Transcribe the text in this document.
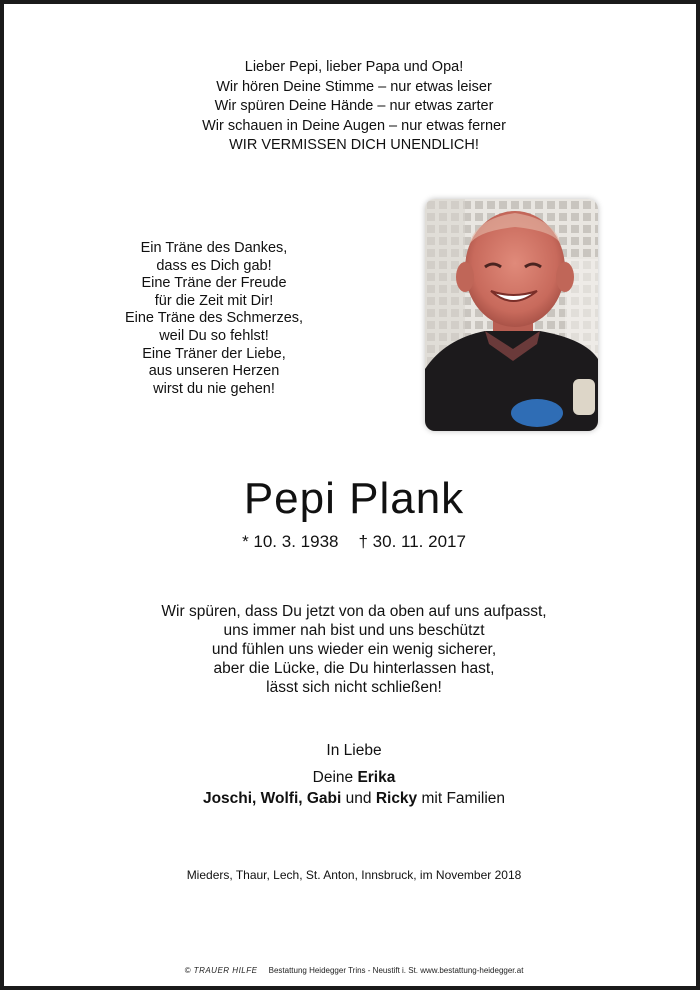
Lieber Pepi, lieber Papa und Opa!
Wir hören Deine Stimme – nur etwas leiser
Wir spüren Deine Hände – nur etwas zarter
Wir schauen in Deine Augen – nur etwas ferner
WIR VERMISSEN DICH UNENDLICH!
Ein Träne des Dankes,
dass es Dich gab!
Eine Träne der Freude
für die Zeit mit Dir!
Eine Träne des Schmerzes,
weil Du so fehlst!
Eine Träner der Liebe,
aus unseren Herzen
wirst du nie gehen!
Pepi Plank
* 10. 3. 1938 † 30. 11. 2017
Wir spüren, dass Du jetzt von da oben auf uns aufpasst,
uns immer nah bist und uns beschützt
und fühlen uns wieder ein wenig sicherer,
aber die Lücke, die Du hinterlassen hast,
lässt sich nicht schließen!
In Liebe
Deine Erika
Joschi, Wolfi, Gabi und Ricky mit Familien
Mieders, Thaur, Lech, St. Anton, Innsbruck, im November 2018
© TRAUER HILFE Bestattung Heidegger Trins - Neustift i. St. www.bestattung-heidegger.at
